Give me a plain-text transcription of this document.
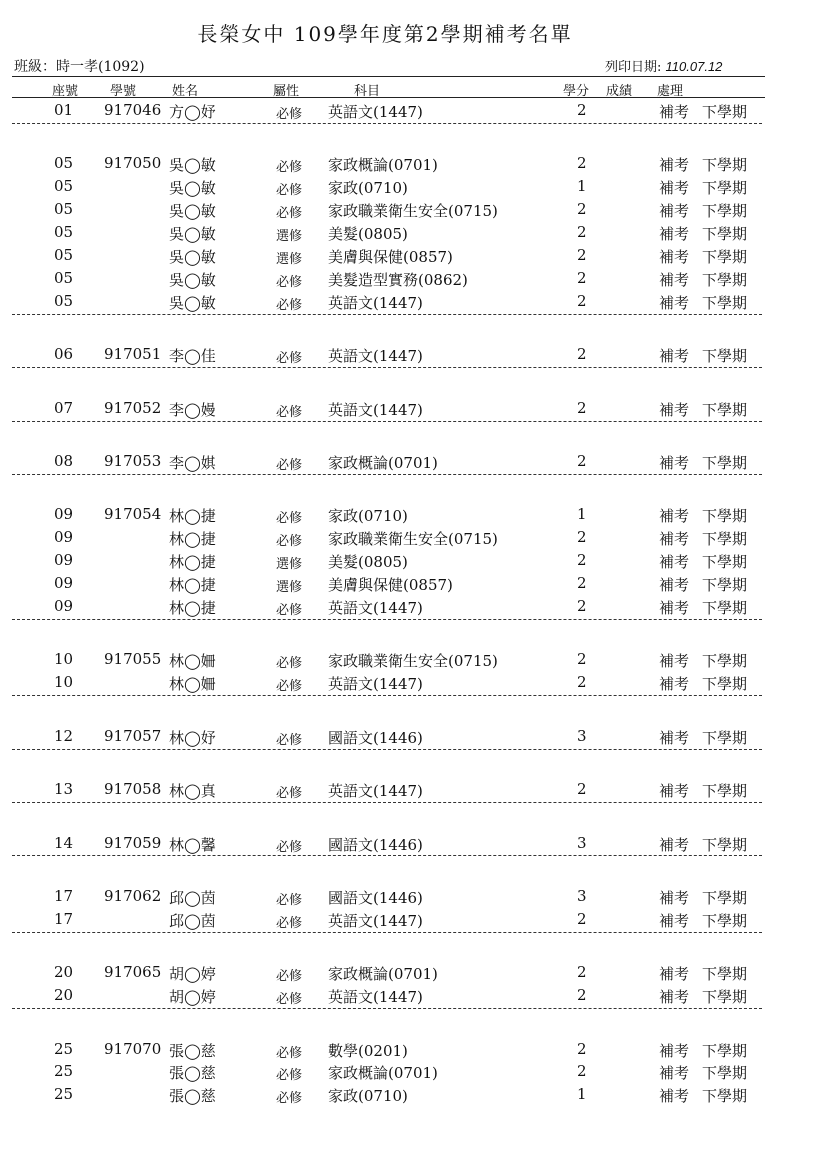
長榮女中 109學年度第2學期補考名單
班級：時一孝(1092)	列印日期: 110.07.12
座號 學號	姓名	屬性	科目	學分 成績 處理
01 917046 方◯妤	必修 英語文(1447)	2	補考 下學期
05 917050 吳◯敏	必修 家政概論(0701)	2	補考 下學期
05	吳◯敏	必修 家政(0710)	1	補考 下學期
05	吳◯敏	必修 家政職業衛生安全(0715)	2	補考 下學期
05	吳◯敏	選修 美髮(0805)	2	補考 下學期
05	吳◯敏	選修 美膚與保健(0857)	2	補考 下學期
05	吳◯敏	必修 美髮造型實務(0862)	2	補考 下學期
05	吳◯敏	必修 英語文(1447)	2	補考 下學期
06 917051 李◯佳	必修 英語文(1447)	2	補考 下學期
07 917052 李◯嫚	必修 英語文(1447)	2	補考 下學期
08 917053 李◯娸	必修 家政概論(0701)	2	補考 下學期
09 917054 林◯捷	必修 家政(0710)	1	補考 下學期
09	林◯捷	必修 家政職業衛生安全(0715)	2	補考 下學期
09	林◯捷	選修 美髮(0805)	2	補考 下學期
09	林◯捷	選修 美膚與保健(0857)	2	補考 下學期
09	林◯捷	必修 英語文(1447)	2	補考 下學期
10 917055 林◯姍	必修 家政職業衛生安全(0715)	2	補考 下學期
10	林◯姍	必修 英語文(1447)	2	補考 下學期
12 917057 林◯妤	必修 國語文(1446)	3	補考 下學期
13 917058 林◯真	必修 英語文(1447)	2	補考 下學期
14 917059 林◯馨	必修 國語文(1446)	3	補考 下學期
17 917062 邱◯茵	必修 國語文(1446)	3	補考 下學期
17	邱◯茵	必修 英語文(1447)	2	補考 下學期
20 917065 胡◯婷	必修 家政概論(0701)	2	補考 下學期
20	胡◯婷	必修 英語文(1447)	2	補考 下學期
25 917070 張◯慈	必修 數學(0201)	2	補考 下學期
25	張◯慈	必修 家政概論(0701)	2	補考 下學期
25	張◯慈	必修 家政(0710)	1	補考 下學期
